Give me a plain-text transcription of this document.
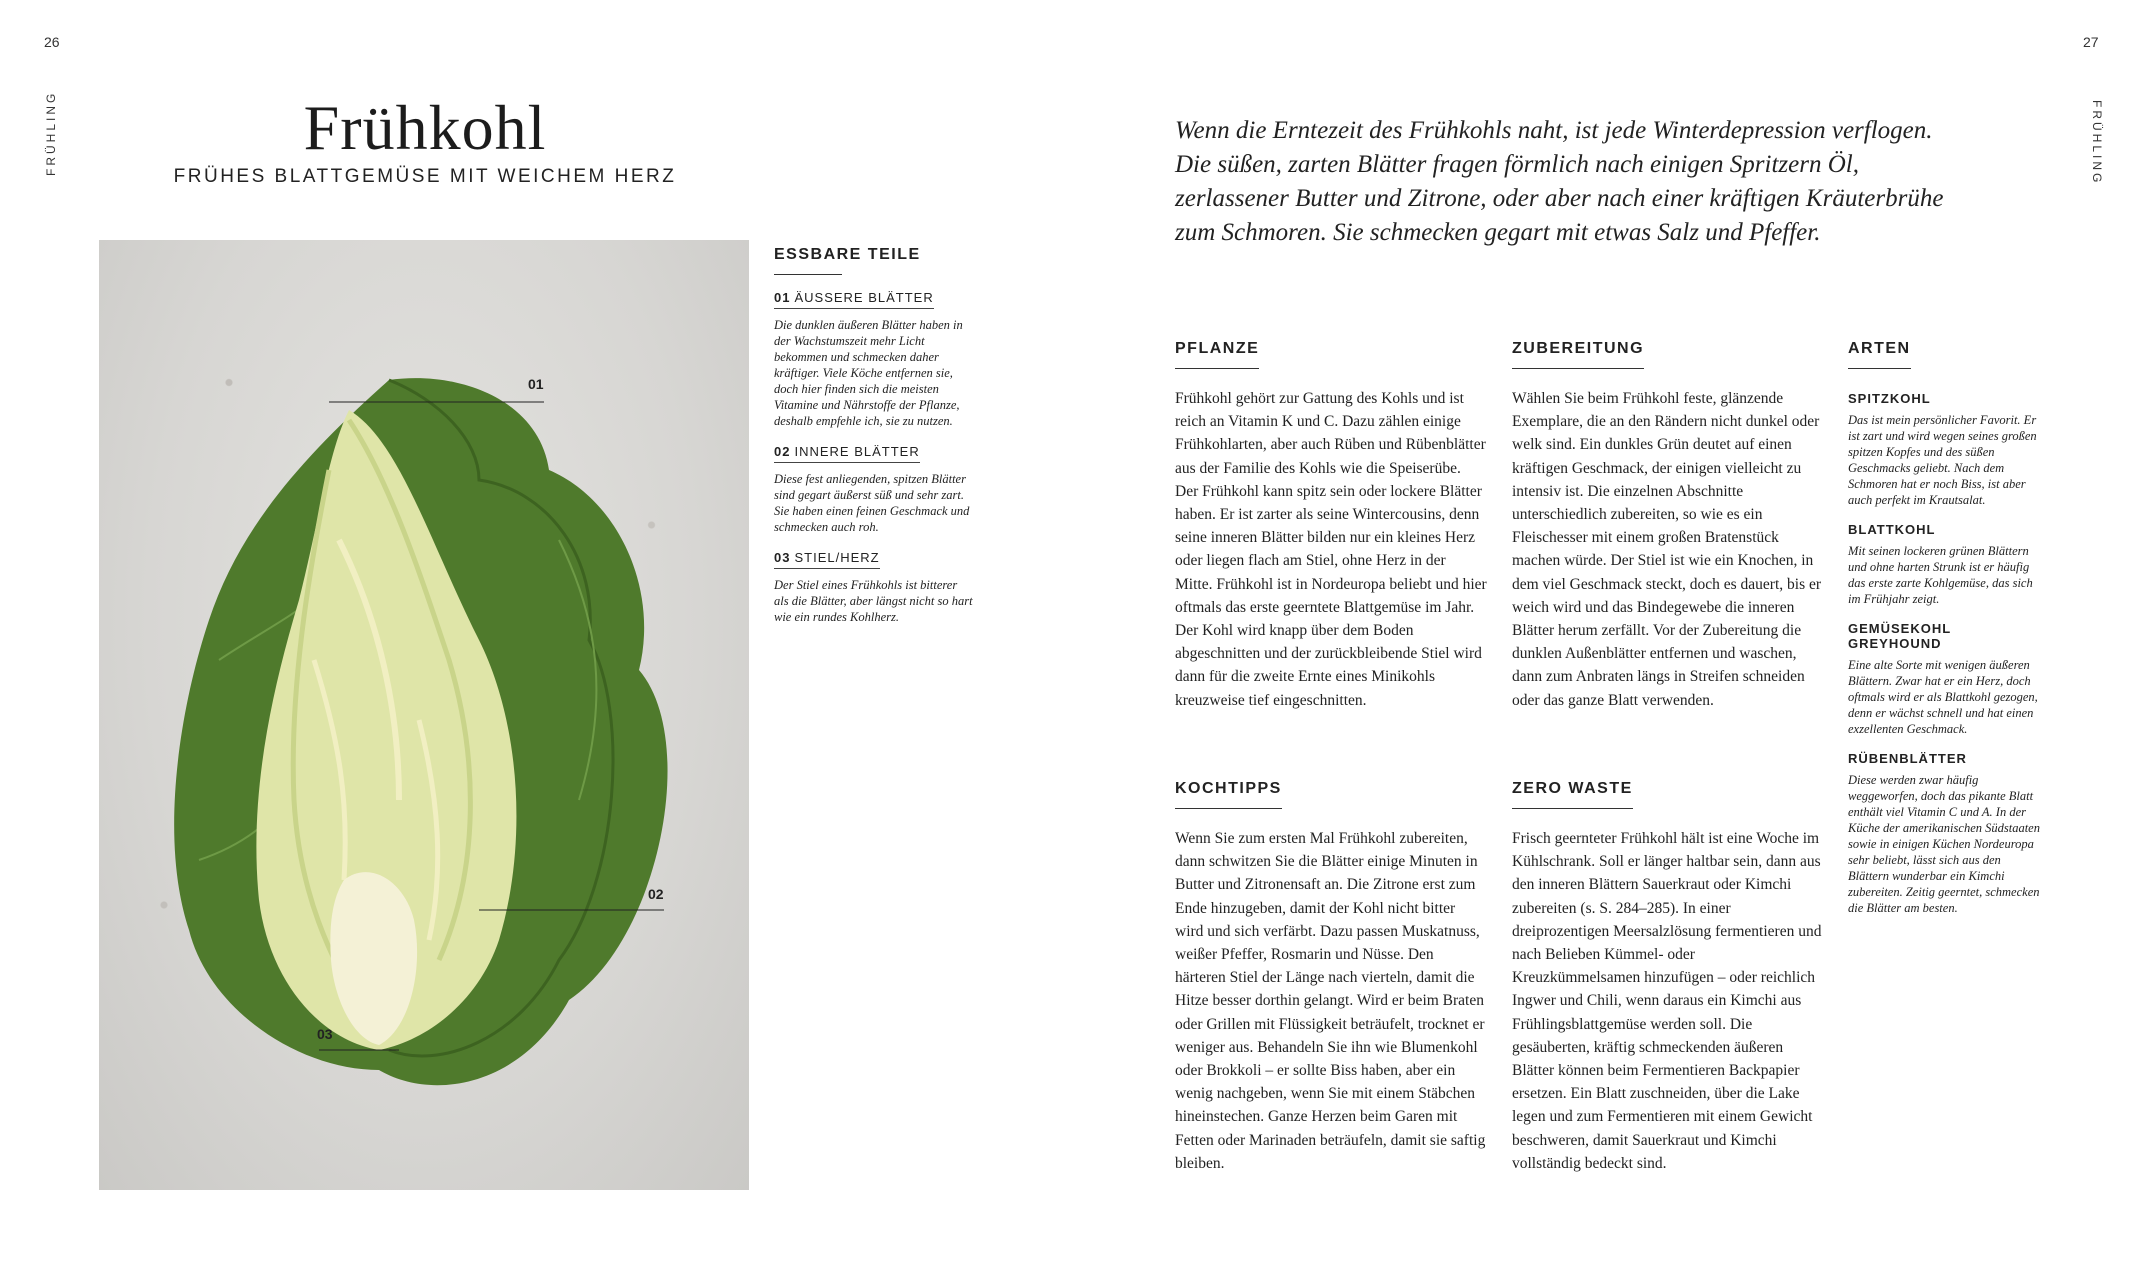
26
FRÜHLING	Frühkohl
FRÜHES BLATTGEMÜSE MIT WEICHEM HERZ
01
02
03
ESSBARE TEILE
01 ÄUSSERE BLÄTTER

Die dunklen äußeren Blätter haben in der Wachstumszeit mehr Licht bekommen und schmecken daher kräftiger. Viele Köche entfernen sie, doch hier finden sich die meisten Vitamine und Nährstoffe der Pflanze, deshalb empfehle ich, sie zu nutzen.

02 INNERE BLÄTTER

Diese fest anliegenden, spitzen Blätter sind gegart äußerst süß und sehr zart. Sie haben einen feinen Geschmack und schmecken auch roh.

03 STIEL/HERZ

Der Stiel eines Frühkohls ist bitterer als die Blätter, aber längst nicht so hart wie ein rundes Kohlherz.

27
FRÜHLING
Wenn die Erntezeit des Frühkohls naht, ist jede Winterdepression verflogen. Die süßen, zarten Blätter fragen förmlich nach einigen Spritzern Öl, zerlassener Butter und Zitrone, oder aber nach einer kräftigen Kräuterbrühe zum Schmoren. Sie schmecken gegart mit etwas Salz und Pfeffer.
PFLANZE

Frühkohl gehört zur Gattung des Kohls und ist reich an Vitamin K und C. Dazu zählen einige Frühkohlarten, aber auch Rüben und Rübenblätter aus der Familie des Kohls wie die Speiserübe. Der Frühkohl kann spitz sein oder lockere Blätter haben. Er ist zarter als seine Wintercousins, denn seine inneren Blätter bilden nur ein kleines Herz oder liegen flach am Stiel, ohne Herz in der Mitte. Frühkohl ist in Nordeuropa beliebt und hier oftmals das erste geerntete Blattgemüse im Jahr. Der Kohl wird knapp über dem Boden abgeschnitten und der zurückbleibende Stiel wird dann für die zweite Ernte eines Minikohls kreuzweise tief eingeschnitten.

ZUBEREITUNG

Wählen Sie beim Frühkohl feste, glänzende Exemplare, die an den Rändern nicht dunkel oder welk sind. Ein dunkles Grün deutet auf einen kräftigen Geschmack, der einigen vielleicht zu intensiv ist. Die einzelnen Abschnitte unterschiedlich zubereiten, so wie es ein Fleischesser mit einem großen Bratenstück machen würde. Der Stiel ist wie ein Knochen, in dem viel Geschmack steckt, doch es dauert, bis er weich wird und das Bindegewebe die inneren Blätter herum zerfällt. Vor der Zubereitung die dunklen Außenblätter entfernen und waschen, dann zum Anbraten längs in Streifen schneiden oder das ganze Blatt verwenden.

KOCHTIPPS

Wenn Sie zum ersten Mal Frühkohl zubereiten, dann schwitzen Sie die Blätter einige Minuten in Butter und Zitronensaft an. Die Zitrone erst zum Ende hinzugeben, damit der Kohl nicht bitter wird und sich verfärbt. Dazu passen Muskatnuss, weißer Pfeffer, Rosmarin und Nüsse. Den härteren Stiel der Länge nach vierteln, damit die Hitze besser dorthin gelangt. Wird er beim Braten oder Grillen mit Flüssigkeit beträufelt, trocknet er weniger aus. Behandeln Sie ihn wie Blumenkohl oder Brokkoli – er sollte Biss haben, aber ein wenig nachgeben, wenn Sie mit einem Stäbchen hineinstechen. Ganze Herzen beim Garen mit Fetten oder Marinaden beträufeln, damit sie saftig bleiben.

ZERO WASTE

Frisch geernteter Frühkohl hält ist eine Woche im Kühlschrank. Soll er länger haltbar sein, dann aus den inneren Blättern Sauerkraut oder Kimchi zubereiten (s. S. 284–285). In einer dreiprozentigen Meersalzlösung fermentieren und nach Belieben Kümmel- oder Kreuzkümmelsamen hinzufügen – oder reichlich Ingwer und Chili, wenn daraus ein Kimchi aus Frühlingsblattgemüse werden soll. Die gesäuberten, kräftig schmeckenden äußeren Blätter können beim Fermentieren Backpapier ersetzen. Ein Blatt zuschneiden, über die Lake legen und zum Fermentieren mit einem Gewicht beschweren, damit Sauerkraut und Kimchi vollständig bedeckt sind.

ARTEN
SPITZKOHL

Das ist mein persönlicher Favorit. Er ist zart und wird wegen seines großen spitzen Kopfes und des süßen Geschmacks geliebt. Nach dem Schmoren hat er noch Biss, ist aber auch perfekt im Krautsalat.

BLATTKOHL

Mit seinen lockeren grünen Blättern und ohne harten Strunk ist er häufig das erste zarte Kohlgemüse, das sich im Frühjahr zeigt.

GEMÜSEKOHL GREYHOUND

Eine alte Sorte mit wenigen äußeren Blättern. Zwar hat er ein Herz, doch oftmals wird er als Blattkohl gezogen, denn er wächst schnell und hat einen exzellenten Geschmack.

RÜBENBLÄTTER

Diese werden zwar häufig weggeworfen, doch das pikante Blatt enthält viel Vitamin C und A. In der Küche der amerikanischen Südstaaten sowie in einigen Küchen Nordeuropa sehr beliebt, lässt sich aus den Blättern wunderbar ein Kimchi zubereiten. Zeitig geerntet, schmecken die Blätter am besten.
